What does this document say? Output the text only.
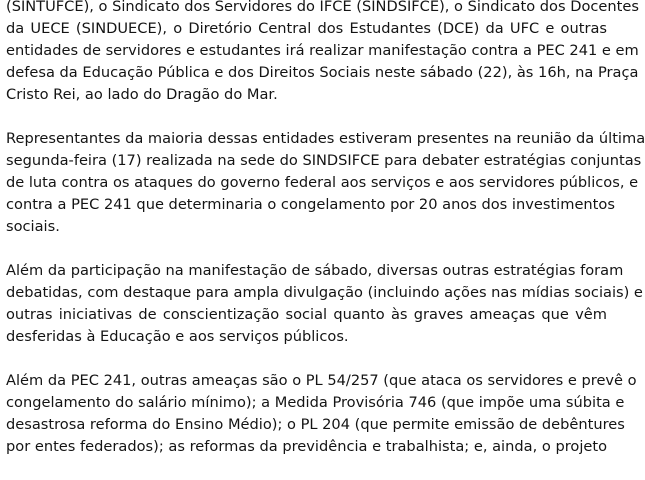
(SINTUFCE), o Sindicato dos Servidores do IFCE (SINDSIFCE), o Sindicato dos Docentes
da UECE (SINDUECE), o Diretório Central dos Estudantes (DCE) da UFC e outras
entidades de servidores e estudantes irá realizar manifestação contra a PEC 241 e em
defesa da Educação Pública e dos Direitos Sociais neste sábado (22), às 16h, na Praça
Cristo Rei, ao lado do Dragão do Mar.

Representantes da maioria dessas entidades estiveram presentes na reunião da última
segunda-feira (17) realizada na sede do SINDSIFCE para debater estratégias conjuntas
de luta contra os ataques do governo federal aos serviços e aos servidores públicos, e
contra a PEC 241 que determinaria o congelamento por 20 anos dos investimentos
sociais.

Além da participação na manifestação de sábado, diversas outras estratégias foram
debatidas, com destaque para ampla divulgação (incluindo ações nas mídias sociais) e
outras iniciativas de conscientização social quanto às graves ameaças que vêm
desferidas à Educação e aos serviços públicos.

Além da PEC 241, outras ameaças são o PL 54/257 (que ataca os servidores e prevê o
congelamento do salário mínimo); a Medida Provisória 746 (que impõe uma súbita e
desastrosa reforma do Ensino Médio); o PL 204 (que permite emissão de debêntures
por entes federados); as reformas da previdência e trabalhista; e, ainda, o projeto
